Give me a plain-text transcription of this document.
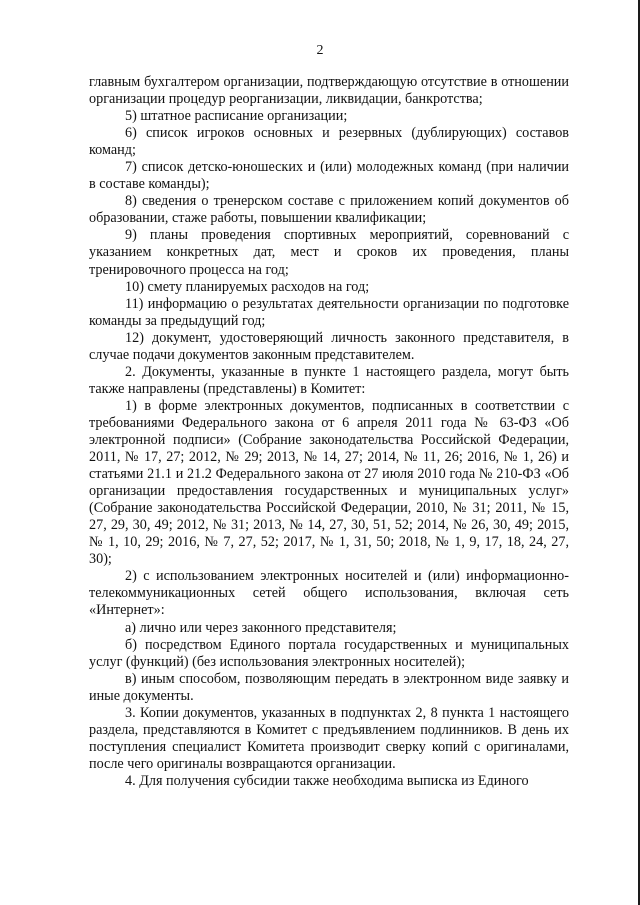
2

главным бухгалтером организации, подтверждающую отсутствие в отношении организации процедур реорганизации, ликвидации, банкротства;

5) штатное расписание организации;

6) список игроков основных и резервных (дублирующих) составов команд;

7) список детско-юношеских и (или) молодежных команд (при наличии в составе команды);

8) сведения о тренерском составе с приложением копий документов об образовании, стаже работы, повышении квалификации;

9) планы проведения спортивных мероприятий, соревнований с указанием конкретных дат, мест и сроков их проведения, планы тренировочного процесса на год;

10) смету планируемых расходов на год;

11) информацию о результатах деятельности организации по подготовке команды за предыдущий год;

12) документ, удостоверяющий личность законного представителя, в случае подачи документов законным представителем.

2. Документы, указанные в пункте 1 настоящего раздела, могут быть также направлены (представлены) в Комитет:

1) в форме электронных документов, подписанных в соответствии с требованиями Федерального закона от 6 апреля 2011 года № 63-ФЗ «Об электронной подписи» (Собрание законодательства Российской Федерации, 2011, № 17, 27; 2012, № 29; 2013, № 14, 27; 2014, № 11, 26; 2016, № 1, 26) и статьями 21.1 и 21.2 Федерального закона от 27 июля 2010 года № 210-ФЗ «Об организации предоставления государственных и муниципальных услуг» (Собрание законодательства Российской Федерации, 2010, № 31; 2011, № 15, 27, 29, 30, 49; 2012, № 31; 2013, № 14, 27, 30, 51, 52; 2014, № 26, 30, 49; 2015, № 1, 10, 29; 2016, № 7, 27, 52; 2017, № 1, 31, 50; 2018, № 1, 9, 17, 18, 24, 27, 30);

2) с использованием электронных носителей и (или) информационно-телекоммуникационных сетей общего использования, включая сеть «Интернет»:

а) лично или через законного представителя;

б) посредством Единого портала государственных и муниципальных услуг (функций) (без использования электронных носителей);

в) иным способом, позволяющим передать в электронном виде заявку и иные документы.

3. Копии документов, указанных в подпунктах 2, 8 пункта 1 настоящего раздела, представляются в Комитет с предъявлением подлинников. В день их поступления специалист Комитета производит сверку копий с оригиналами, после чего оригиналы возвращаются организации.

4. Для получения субсидии также необходима выписка из Единого
